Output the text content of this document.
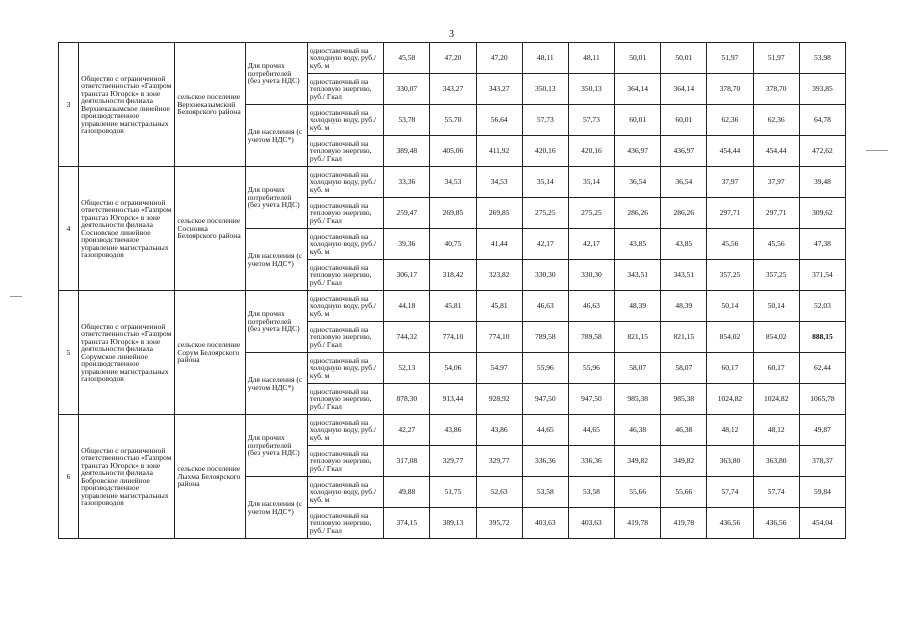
3
3	Общество с ограниченной ответственностью «Газпром трансгаз Югорск» в зоне деятельности филиала Верхнеказымское линейное производственное управление магистральных газопроводов	сельское поселение Верхнеказымский Белоярского района	Для прочих потребителей (без учета НДС)	одноставочный на холодную воду, руб./куб. м	45,58	47,20	47,20	48,11	48,11	50,01	50,01	51,97	51,97	53,98
				одноставочный на тепловую энергию, руб./ Гкал	330,07	343,27	343,27	350,13	350,13	364,14	364,14	378,70	378,70	393,85
			Для населения (с учетом НДС*)	одноставочный на холодную воду, руб./куб. м	53,78	55,70	56,64	57,73	57,73	60,01	60,01	62,36	62,36	64,78
				одноставочный на тепловую энергию, руб./ Гкал	389,48	405,06	411,92	420,16	420,16	436,97	436,97	454,44	454,44	472,62
4	Общество с ограниченной ответственностью «Газпром трансгаз Югорск» в зоне деятельности филиала Сосновское линейное производственное управление магистральных газопроводов	сельское поселение Сосновка Белоярского района	Для прочих потребителей (без учета НДС)	одноставочный на холодную воду, руб./куб. м	33,36	34,53	34,53	35,14	35,14	36,54	36,54	37,97	37,97	39,48
				одноставочный на тепловую энергию, руб./ Гкал	259,47	269,85	269,85	275,25	275,25	286,26	286,26	297,71	297,71	309,62
			Для населения (с учетом НДС*)	одноставочный на холодную воду, руб./куб. м	39,36	40,75	41,44	42,17	42,17	43,85	43,85	45,56	45,56	47,38
				одноставочный на тепловую энергию, руб./ Гкал	306,17	318,42	323,82	330,30	330,30	343,51	343,51	357,25	357,25	371,54
5	Общество с ограниченной ответственностью «Газпром трансгаз Югорск» в зоне деятельности филиала Сорумское линейное производственное управление магистральных газопроводов	сельское поселение Сорум Белоярского района	Для прочих потребителей (без учета НДС)	одноставочный на холодную воду, руб./куб. м	44,18	45,81	45,81	46,63	46,63	48,39	48,39	50,14	50,14	52,03
				одноставочный на тепловую энергию, руб./ Гкал	744,32	774,10	774,10	789,58	789,58	821,15	821,15	854,02	854,02	888,15
			Для населения (с учетом НДС*)	одноставочный на холодную воду, руб./куб. м	52,13	54,06	54,97	55,96	55,96	58,07	58,07	60,17	60,17	62,44
				одноставочный на тепловую энергию, руб./ Гкал	878,30	913,44	928,92	947,50	947,50	985,38	985,38	1024,82	1024,82	1065,78
6	Общество с ограниченной ответственностью «Газпром трансгаз Югорск» в зоне деятельности филиала Бобровское линейное производственное управление магистральных газопроводов	сельское поселение Лыхма Белоярского района	Для прочих потребителей (без учета НДС)	одноставочный на холодную воду, руб./куб. м	42,27	43,86	43,86	44,65	44,65	46,38	46,38	48,12	48,12	49,87
				одноставочный на тепловую энергию, руб./ Гкал	317,08	329,77	329,77	336,36	336,36	349,82	349,82	363,80	363,80	378,37
			Для населения (с учетом НДС*)	одноставочный на холодную воду, руб./куб. м	49,88	51,75	52,63	53,58	53,58	55,66	55,66	57,74	57,74	59,84
				одноставочный на тепловую энергию, руб./ Гкал	374,15	389,13	395,72	403,63	403,63	419,78	419,78	436,56	436,56	454,04
